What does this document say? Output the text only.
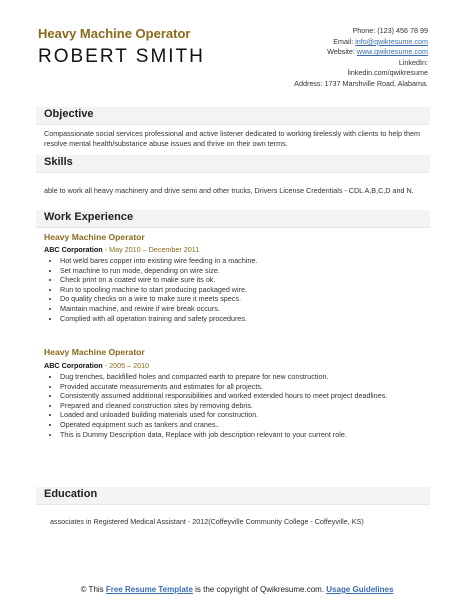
Heavy Machine Operator
ROBERT SMITH
Phone: (123) 456 78 99
Email: info@qwikresume.com
Website: www.qwikresume.com
LinkedIn:
linkedin.com/qwikresume
Address: 1737 Marshville Road, Alabama.
Objective
Compassionate social services professional and active listener dedicated to working tirelessly with clients to help them resolve mental health/substance abuse issues and thrive on their own terms.
Skills
able to work all heavy machinery and drive semi and other trucks, Drivers License Credentials - CDL A,B,C,D and N.
Work Experience
Heavy Machine Operator
ABC Corporation - May 2010 – December 2011
• Hot weld bares copper into existing wire feeding in a machine.
• Set machine to run mode, depending on wire size.
• Check print on a coated wire to make sure its ok.
• Run to spooling machine to start producing packaged wire.
• Do quality checks on a wire to make sure it meets specs.
• Maintain machine, and rewire if wire break occurs.
• Complied with all operation training and safety procedures.
Heavy Machine Operator
ABC Corporation - 2005 – 2010
• Dug trenches, backfilled holes and compacted earth to prepare for new construction.
• Provided accurate measurements and estimates for all projects.
• Consistently assumed additional responsibilities and worked extended hours to meet project deadlines.
• Prepared and cleaned construction sites by removing debris.
• Loaded and unloaded building materials used for construction.
• Operated equipment such as tankers and cranes..
• This is Dummy Description data, Replace with job description relevant to your current role.
Education
associates in Registered Medical Assistant - 2012(Coffeyville Community College - Coffeyville, KS)
© This Free Resume Template is the copyright of Qwikresume.com. Usage Guidelines
